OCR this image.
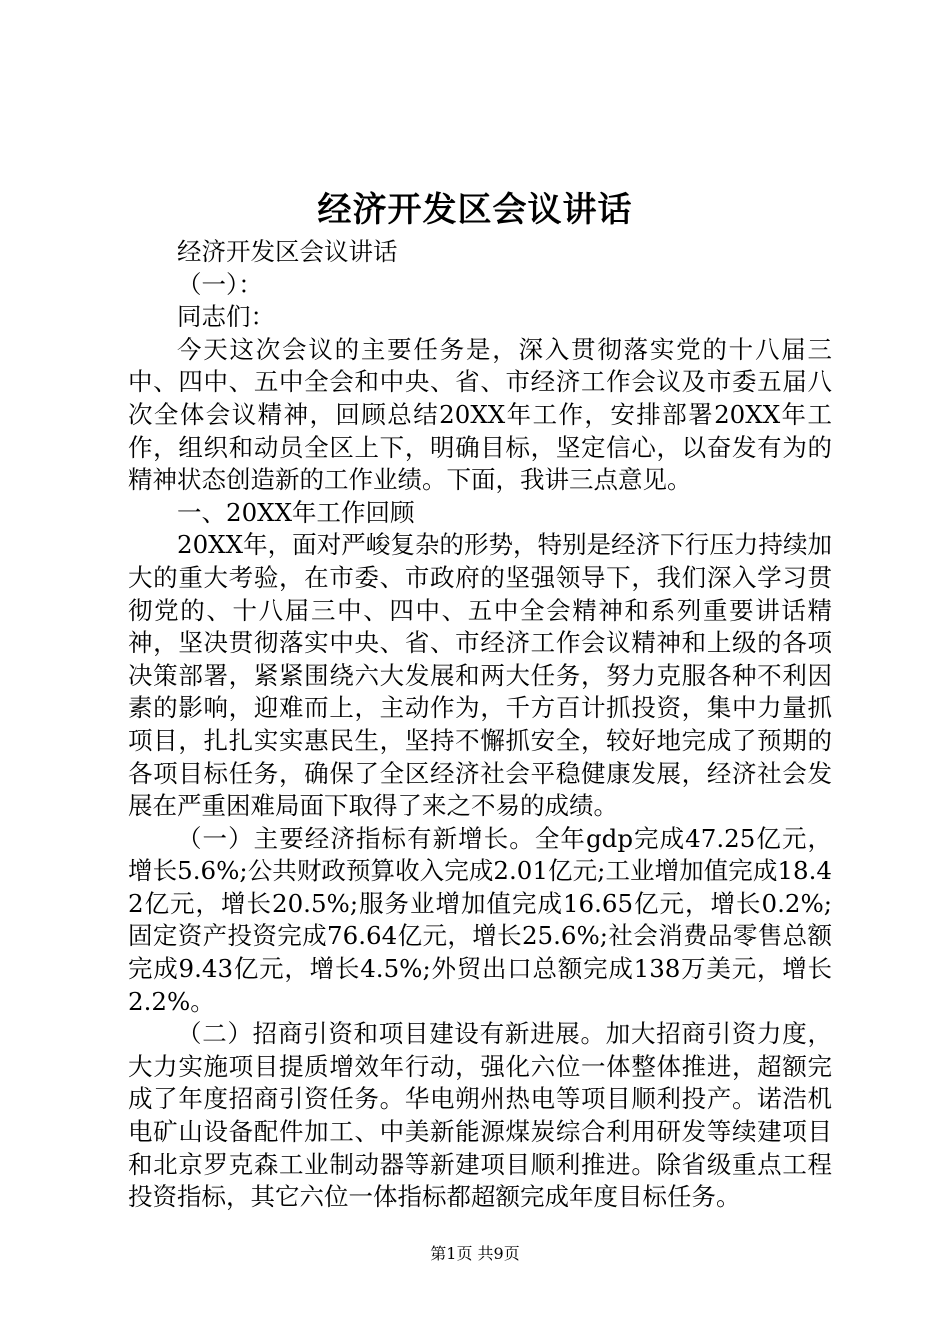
经济开发区会议讲话

经济开发区会议讲话

（一）：

同志们：

今天这次会议的主要任务是，深入贯彻落实党的十八届三中、四中、五中全会和中央、省、市经济工作会议及市委五届八次全体会议精神，回顾总结20XX年工作，安排部署20XX年工作，组织和动员全区上下，明确目标，坚定信心，以奋发有为的精神状态创造新的工作业绩。下面，我讲三点意见。

一、20XX年工作回顾

20XX年，面对严峻复杂的形势，特别是经济下行压力持续加大的重大考验，在市委、市政府的坚强领导下，我们深入学习贯彻党的、十八届三中、四中、五中全会精神和系列重要讲话精神，坚决贯彻落实中央、省、市经济工作会议精神和上级的各项决策部署，紧紧围绕六大发展和两大任务，努力克服各种不利因素的影响，迎难而上，主动作为，千方百计抓投资，集中力量抓项目，扎扎实实惠民生，坚持不懈抓安全，较好地完成了预期的各项目标任务，确保了全区经济社会平稳健康发展，经济社会发展在严重困难局面下取得了来之不易的成绩。

（一）主要经济指标有新增长。全年gdp完成47.25亿元，增长5.6%;公共财政预算收入完成2.01亿元;工业增加值完成18.42亿元，增长20.5%;服务业增加值完成16.65亿元，增长0.2%;固定资产投资完成76.64亿元，增长25.6%;社会消费品零售总额完成9.43亿元，增长4.5%;外贸出口总额完成138万美元，增长2.2%。

（二）招商引资和项目建设有新进展。加大招商引资力度，大力实施项目提质增效年行动，强化六位一体整体推进，超额完成了年度招商引资任务。华电朔州热电等项目顺利投产。诺浩机电矿山设备配件加工、中美新能源煤炭综合利用研发等续建项目和北京罗克森工业制动器等新建项目顺利推进。除省级重点工程投资指标，其它六位一体指标都超额完成年度目标任务。

第1页 共9页
